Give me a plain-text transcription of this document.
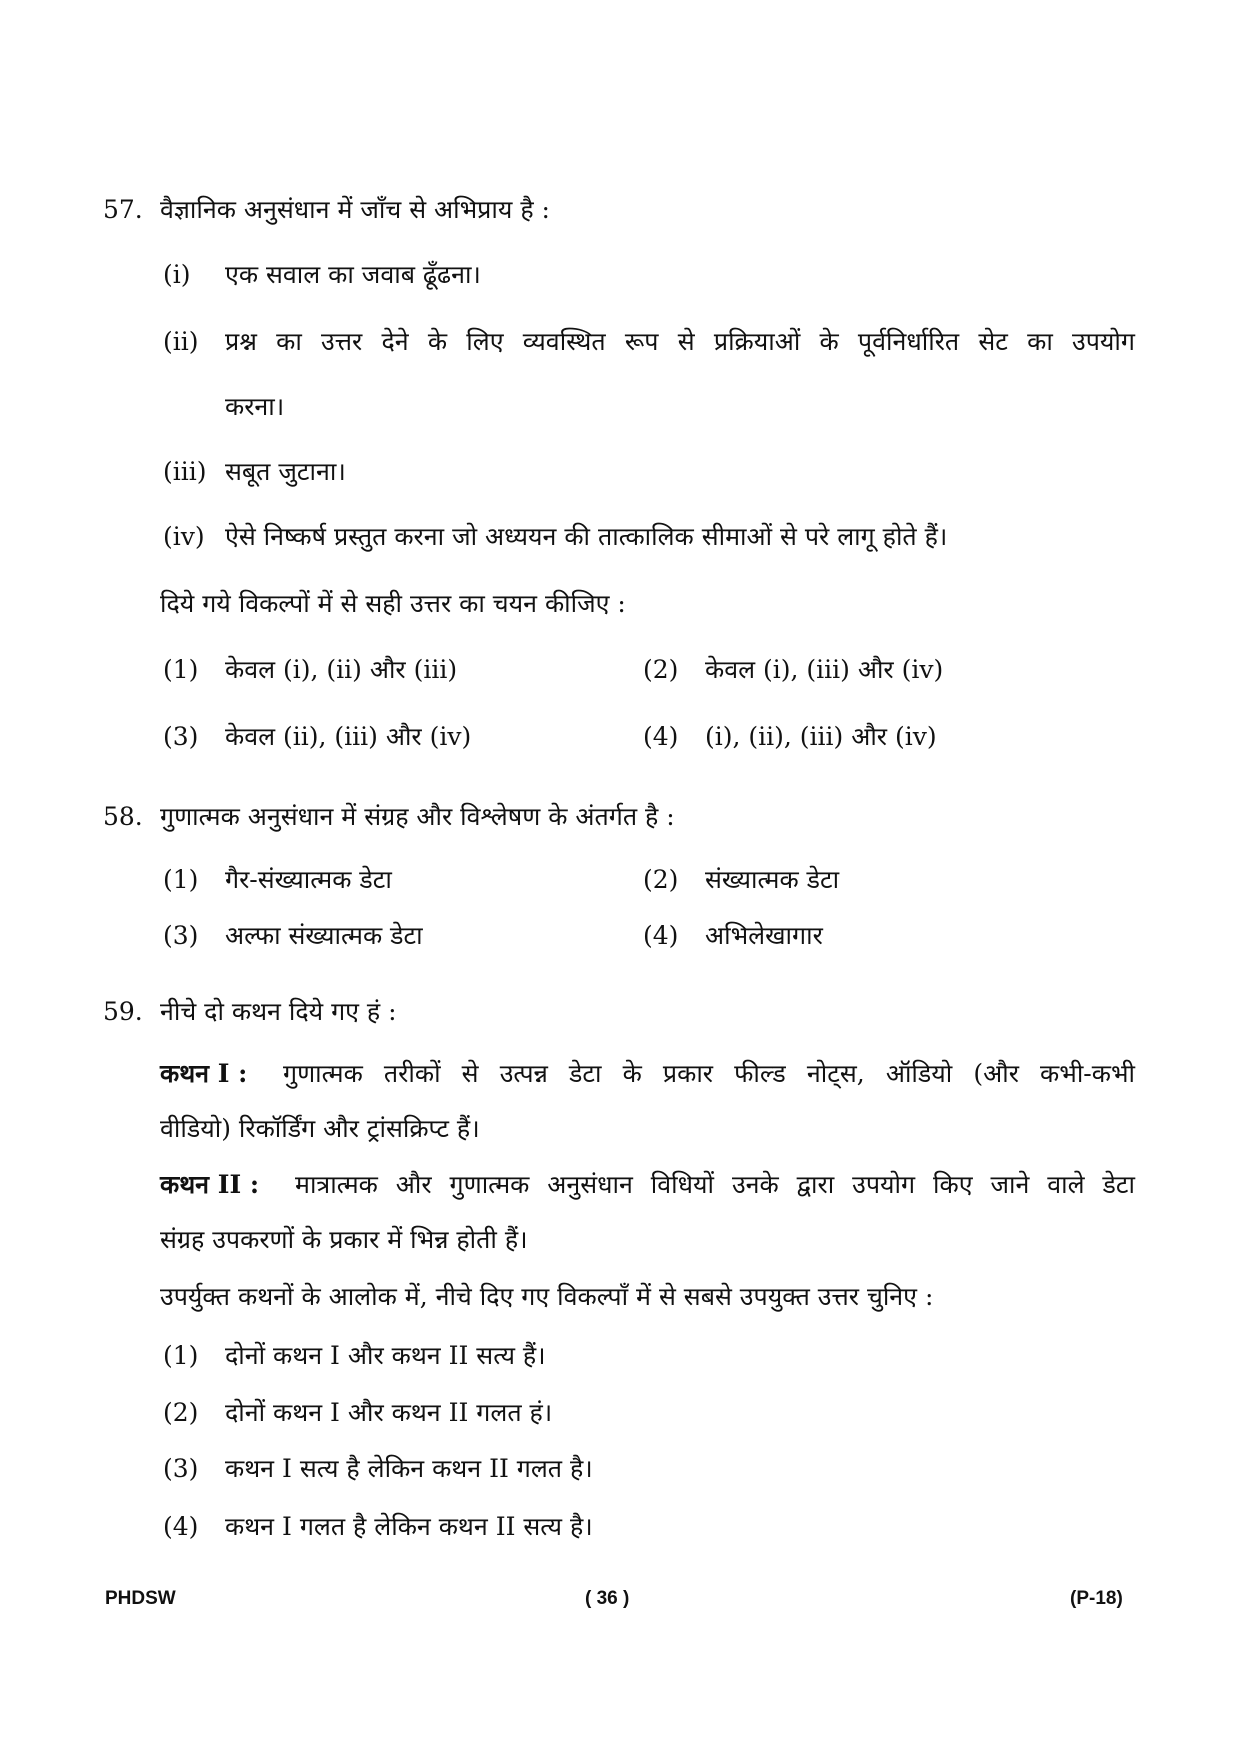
57. वैज्ञानिक अनुसंधान में जाँच से अभिप्राय है :
(i) एक सवाल का जवाब ढूँढना।
(ii) प्रश्न का उत्तर देने के लिए व्यवस्थित रूप से प्रक्रियाओं के पूर्वनिर्धारित सेट का उपयोग
करना।
(iii) सबूत जुटाना।
(iv) ऐसे निष्कर्ष प्रस्तुत करना जो अध्ययन की तात्कालिक सीमाओं से परे लागू होते हैं।
दिये गये विकल्पों में से सही उत्तर का चयन कीजिए :
(1) केवल (i), (ii) और (iii)	(2) केवल (i), (iii) और (iv)
(3) केवल (ii), (iii) और (iv)	(4) (i), (ii), (iii) और (iv)
58. गुणात्मक अनुसंधान में संग्रह और विश्लेषण के अंतर्गत है :
(1) गैर-संख्यात्मक डेटा	(2) संख्यात्मक डेटा
(3) अल्फा संख्यात्मक डेटा	(4) अभिलेखागार
59. नीचे दो कथन दिये गए हं :
कथन I : गुणात्मक तरीकों से उत्पन्न डेटा के प्रकार फील्ड नोट्स, ऑडियो (और कभी-कभी
वीडियो) रिकॉर्डिंग और ट्रांसक्रिप्ट हैं।
कथन II : मात्रात्मक और गुणात्मक अनुसंधान विधियों उनके द्वारा उपयोग किए जाने वाले डेटा
संग्रह उपकरणों के प्रकार में भिन्न होती हैं।
उपर्युक्त कथनों के आलोक में, नीचे दिए गए विकल्पाँ में से सबसे उपयुक्त उत्तर चुनिए :
(1) दोनों कथन I और कथन II सत्य हैं।
(2) दोनों कथन I और कथन II गलत हं।
(3) कथन I सत्य है लेकिन कथन II गलत है।
(4) कथन I गलत है लेकिन कथन II सत्य है।
PHDSW	( 36 )	(P-18)
